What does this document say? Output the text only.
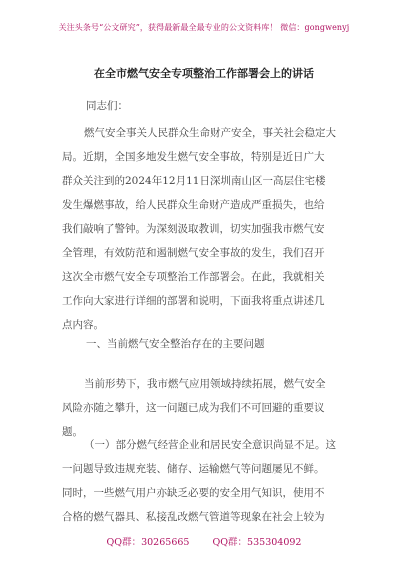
关注头条号“公文研究”，获得最新最全最专业的公文资料库！ 微信：gongwenyj
在全市燃气安全专项整治工作部署会上的讲话
同志们：
燃气安全事关人民群众生命财产安全，事关社会稳定大
局。近期，全国多地发生燃气安全事故，特别是近日广大
群众关注到的2024年12月11日深圳南山区一高层住宅楼
发生爆燃事故，给人民群众生命财产造成严重损失，也给
我们敲响了警钟。为深刻汲取教训，切实加强我市燃气安
全管理，有效防范和遏制燃气安全事故的发生，我们召开
这次全市燃气安全专项整治工作部署会。在此，我就相关
工作向大家进行详细的部署和说明，下面我将重点讲述几
点内容。
一、当前燃气安全整治存在的主要问题
当前形势下，我市燃气应用领域持续拓展，燃气安全
风险亦随之攀升，这一问题已成为我们不可回避的重要议
题。
（一）部分燃气经营企业和居民安全意识尚显不足。这
一问题导致违规充装、储存、运输燃气等问题屡见不鲜。
同时，一些燃气用户亦缺乏必要的安全用气知识，使用不
合格的燃气器具、私接乱改燃气管道等现象在社会上较为
QQ群：30265665 QQ群：535304092
